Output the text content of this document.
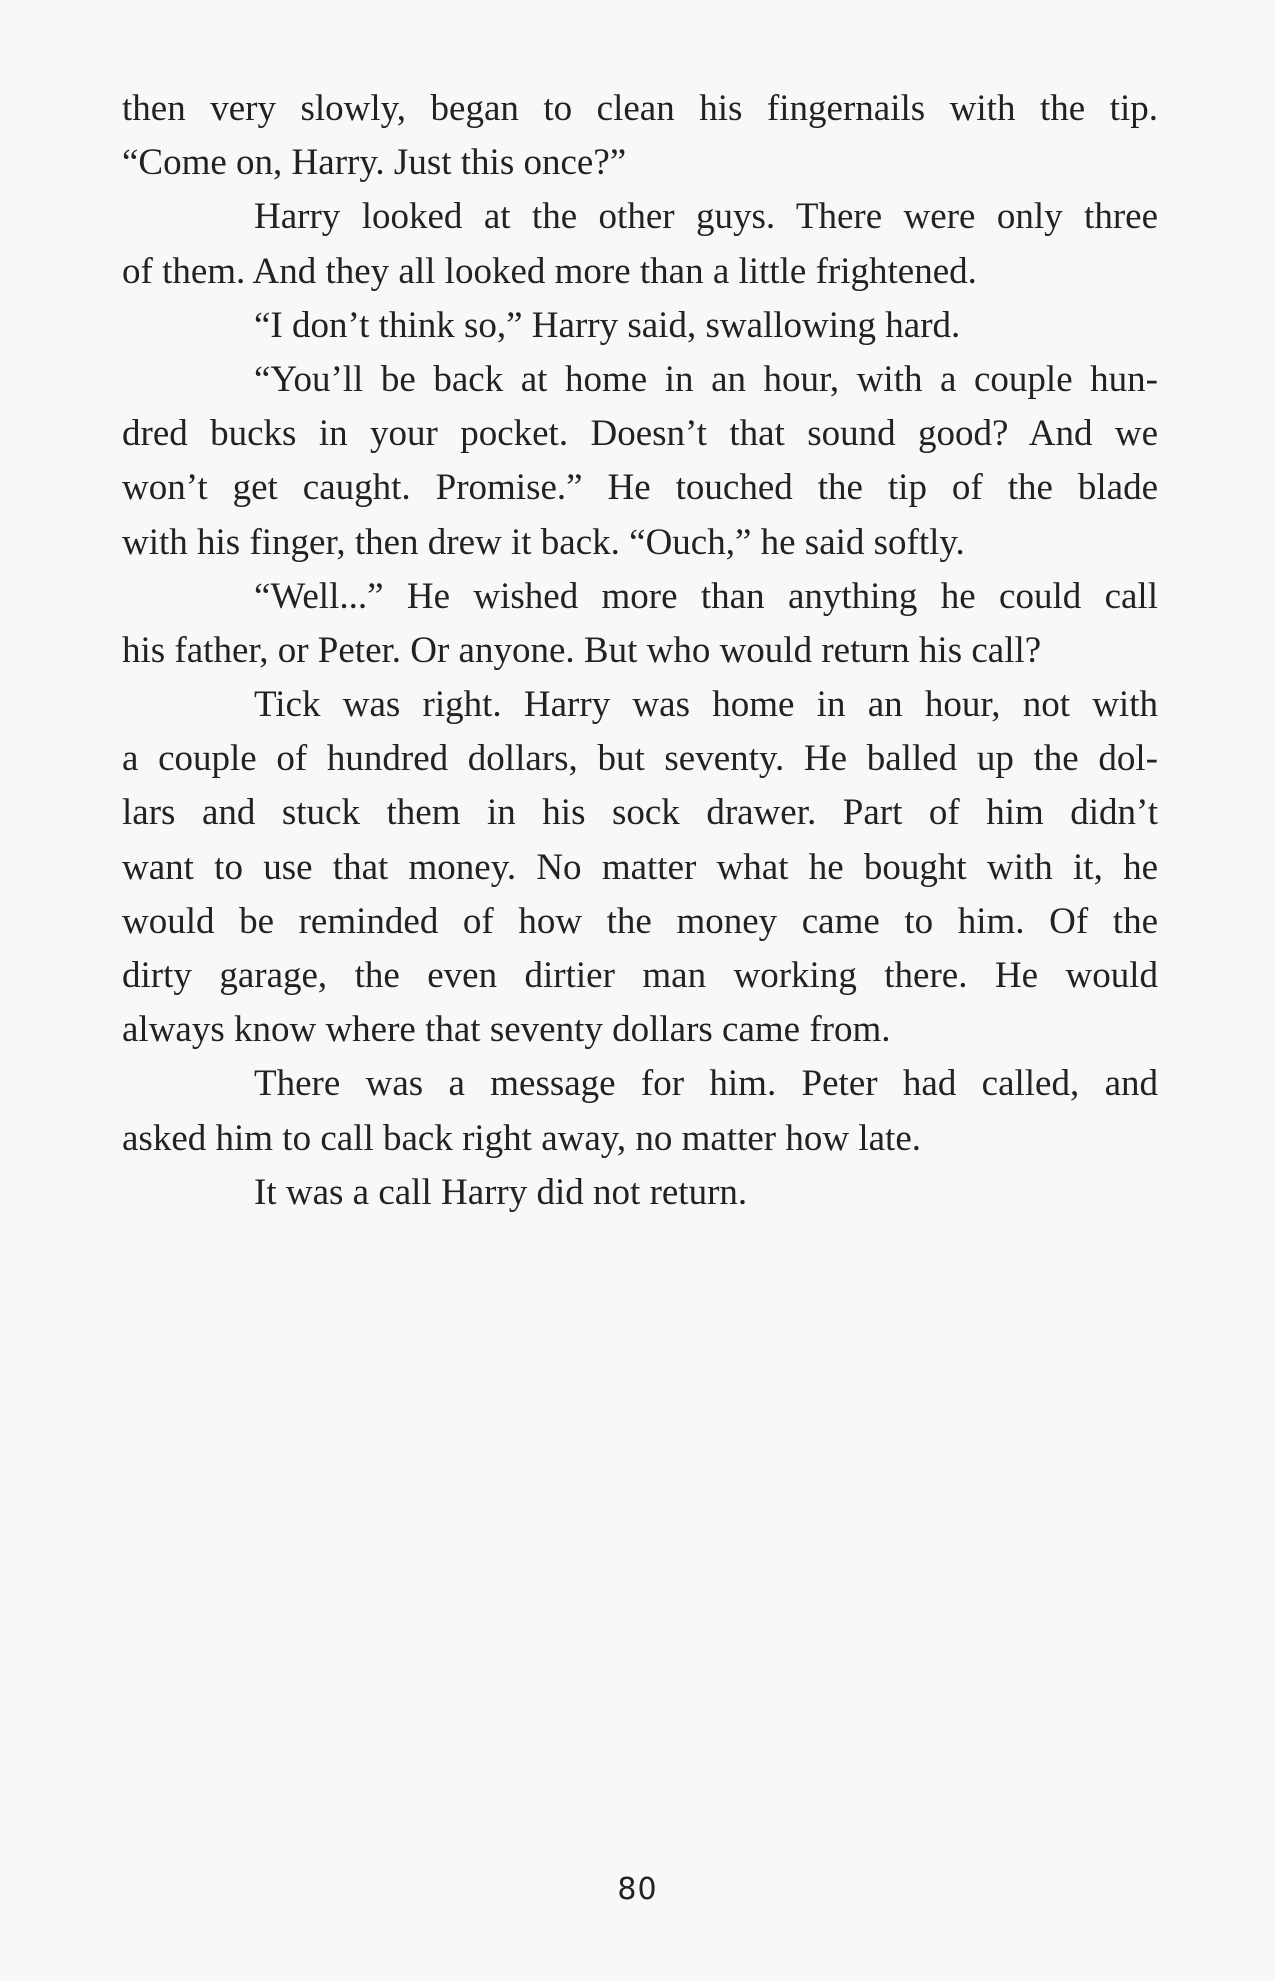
then very slowly, began to clean his fingernails with the tip.
“Come on, Harry. Just this once?”
Harry looked at the other guys. There were only three
of them. And they all looked more than a little frightened.
“I don’t think so,” Harry said, swallowing hard.
“You’ll be back at home in an hour, with a couple hun-
dred bucks in your pocket. Doesn’t that sound good? And we
won’t get caught. Promise.” He touched the tip of the blade
with his finger, then drew it back. “Ouch,” he said softly.
“Well...” He wished more than anything he could call
his father, or Peter. Or anyone. But who would return his call?
Tick was right. Harry was home in an hour, not with
a couple of hundred dollars, but seventy. He balled up the dol-
lars and stuck them in his sock drawer. Part of him didn’t
want to use that money. No matter what he bought with it, he
would be reminded of how the money came to him. Of the
dirty garage, the even dirtier man working there. He would
always know where that seventy dollars came from.
There was a message for him. Peter had called, and
asked him to call back right away, no matter how late.
It was a call Harry did not return.
80
